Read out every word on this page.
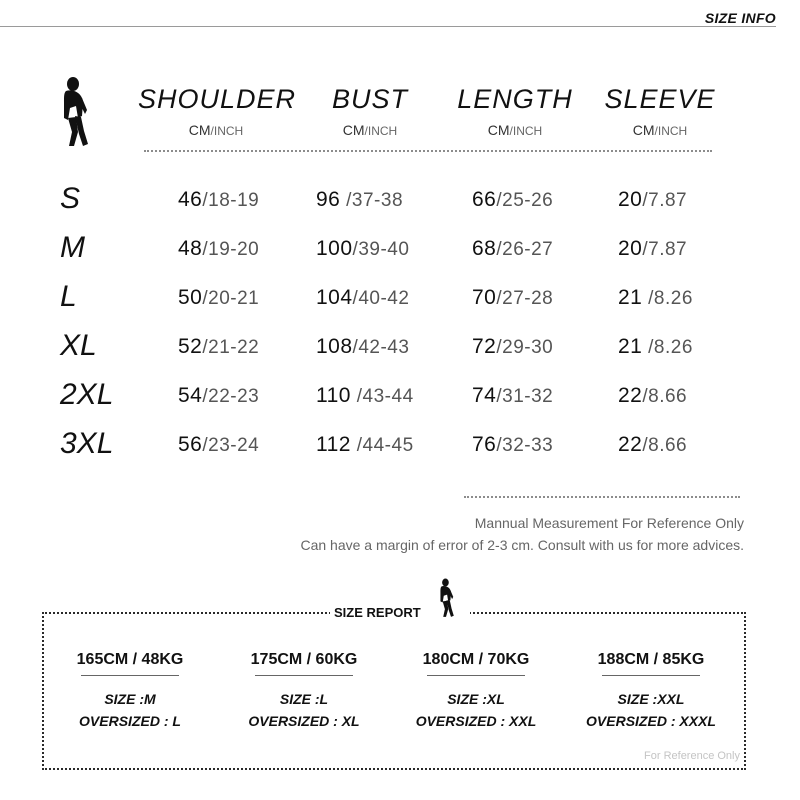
SIZE INFO
SHOULDER
CM/INCH
BUST
CM/INCH
LENGTH
CM/INCH
SLEEVE
CM/INCH
S	46/18-19	96 /37-38	66/25-26	20/7.87
M	48/19-20	100/39-40	68/26-27	20/7.87
L	50/20-21	104/40-42	70/27-28	21 /8.26
XL	52/21-22	108/42-43	72/29-30	21 /8.26
2XL	54/22-23	110 /43-44	74/31-32	22/8.66
3XL	56/23-24	112 /44-45	76/32-33	22/8.66
Mannual Measurement For Reference Only
Can have a margin of error of 2-3 cm. Consult with us for more advices.
SIZE REPORT
165CM / 48KG
SIZE :M
OVERSIZED : L
175CM / 60KG
SIZE :L
OVERSIZED : XL
180CM / 70KG
SIZE :XL
OVERSIZED : XXL
188CM / 85KG
SIZE :XXL
OVERSIZED : XXXL
For Reference Only
